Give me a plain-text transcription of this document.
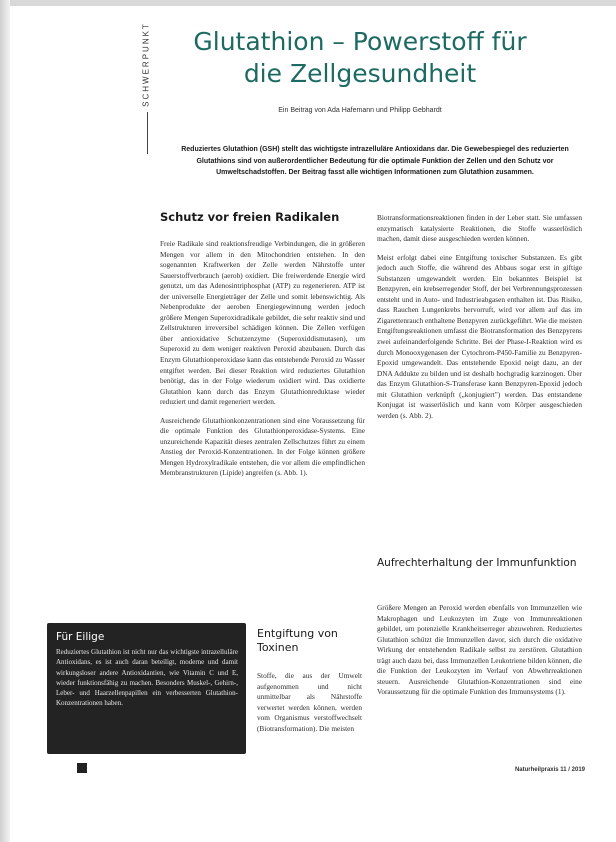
SCHWERPUNKT	Glutathion – Powerstoff für
die Zellgesundheit
Ein Beitrag von Ada Hafemann und Philipp Gebhardt
Reduziertes Glutathion (GSH) stellt das wichtigste intrazelluläre Antioxidans dar. Die Gewebespiegel des reduzierten Glutathions sind von außerordentlicher Bedeutung für die optimale Funktion der Zellen und den Schutz vor Umweltschadstoffen. Der Beitrag fasst alle wichtigen Informationen zum Glutathion zusammen.
Schutz vor freien Radikalen

Freie Radikale sind reaktionsfreudige Verbindungen, die in größeren Mengen vor allem in den Mitochondrien entstehen. In den sogenannten Kraftwerken der Zelle werden Nährstoffe unter Sauerstoffverbrauch (aerob) oxidiert. Die freiwerdende Energie wird genutzt, um das Adenosintriphosphat (ATP) zu regenerieren. ATP ist der universelle Energieträger der Zelle und somit lebenswichtig. Als Nebenprodukte der aeroben Energiegewinnung werden jedoch größere Mengen Superoxidradikale gebildet, die sehr reaktiv sind und Zellstrukturen irreversibel schädigen können. Die Zellen verfügen über antioxidative Schutzenzyme (Superoxiddismutasen), um Superoxid zu dem weniger reaktiven Peroxid abzubauen. Durch das Enzym Glutathionperoxidase kann das entstehende Peroxid zu Wasser entgiftet werden. Bei dieser Reaktion wird reduziertes Glutathion benötigt, das in der Folge wiederum oxidiert wird. Das oxidierte Glutathion kann durch das Enzym Glutathionreduktase wieder reduziert und damit regeneriert werden.

Ausreichende Glutathionkonzentrationen sind eine Voraussetzung für die optimale Funktion des Glutathionperoxidase-Systems. Eine unzureichende Kapazität dieses zentralen Zellschutzes führt zu einem Anstieg der Peroxid-Konzentrationen. In der Folge können größere Mengen Hydroxylradikale entstehen, die vor allem die empfindlichen Membranstrukturen (Lipide) angreifen (s. Abb. 1).

Biotransformationsreaktionen finden in der Leber statt. Sie umfassen enzymatisch katalysierte Reaktionen, die Stoffe wasserlöslich machen, damit diese ausgeschieden werden können.

Meist erfolgt dabei eine Entgiftung toxischer Substanzen. Es gibt jedoch auch Stoffe, die während des Abbaus sogar erst in giftige Substanzen umgewandelt werden. Ein bekanntes Beispiel ist Benzpyren, ein krebserregender Stoff, der bei Verbrennungsprozessen entsteht und in Auto- und Industrieabgasen enthalten ist. Das Risiko, dass Rauchen Lungenkrebs hervorruft, wird vor allem auf das im Zigarettenrauch enthaltene Benzpyren zurückgeführt. Wie die meisten Entgiftungsreaktionen umfasst die Biotransformation des Benzpyrens zwei aufeinanderfolgende Schritte. Bei der Phase-I-Reaktion wird es durch Monooxygenasen der Cytochrom-P450-Familie zu Benzpyren-Epoxid umgewandelt. Das entstehende Epoxid neigt dazu, an der DNA Addukte zu bilden und ist deshalb hochgradig karzinogen. Über das Enzym Glutathion-S-Transferase kann Benzpyren-Epoxid jedoch mit Glutathion verknüpft („konjugiert") werden. Das entstandene Konjugat ist wasserlöslich und kann vom Körper ausgeschieden werden (s. Abb. 2).

Entgiftung von Toxinen

Stoffe, die aus der Umwelt aufgenommen und nicht unmittelbar als Nährstoffe verwertet werden können, werden vom Organismus verstoffwechselt (Biotransformation). Die meisten

Aufrechterhaltung der Immunfunktion

Größere Mengen an Peroxid werden ebenfalls von Immunzellen wie Makrophagen und Leukozyten im Zuge von Immunreaktionen gebildet, um potenzielle Krankheitserreger abzuwehren. Reduziertes Glutathion schützt die Immunzellen davor, sich durch die oxidative Wirkung der entstehenden Radikale selbst zu zerstören. Glutathion trägt auch dazu bei, dass Immunzellen Leukotriene bilden können, die die Funktion der Leukozyten im Verlauf von Abwehrreaktionen steuern. Ausreichende Glutathion-Konzentrationen sind eine Voraussetzung für die optimale Funktion des Immunsystems (1).

Für Eilige

Reduziertes Glutathion ist nicht nur das wichtigste intrazelluläre Antioxidans, es ist auch daran beteiligt, moderne und damit wirkungsloser andere Antioxidantien, wie Vitamin C und E, wieder funktionsfähig zu machen. Besonders Muskel-, Gehirn-, Leber- und Haarzellenpapillen ein verbesserten Glutathion-Konzentrationen haben.

Naturheilpraxis 11 / 2019
